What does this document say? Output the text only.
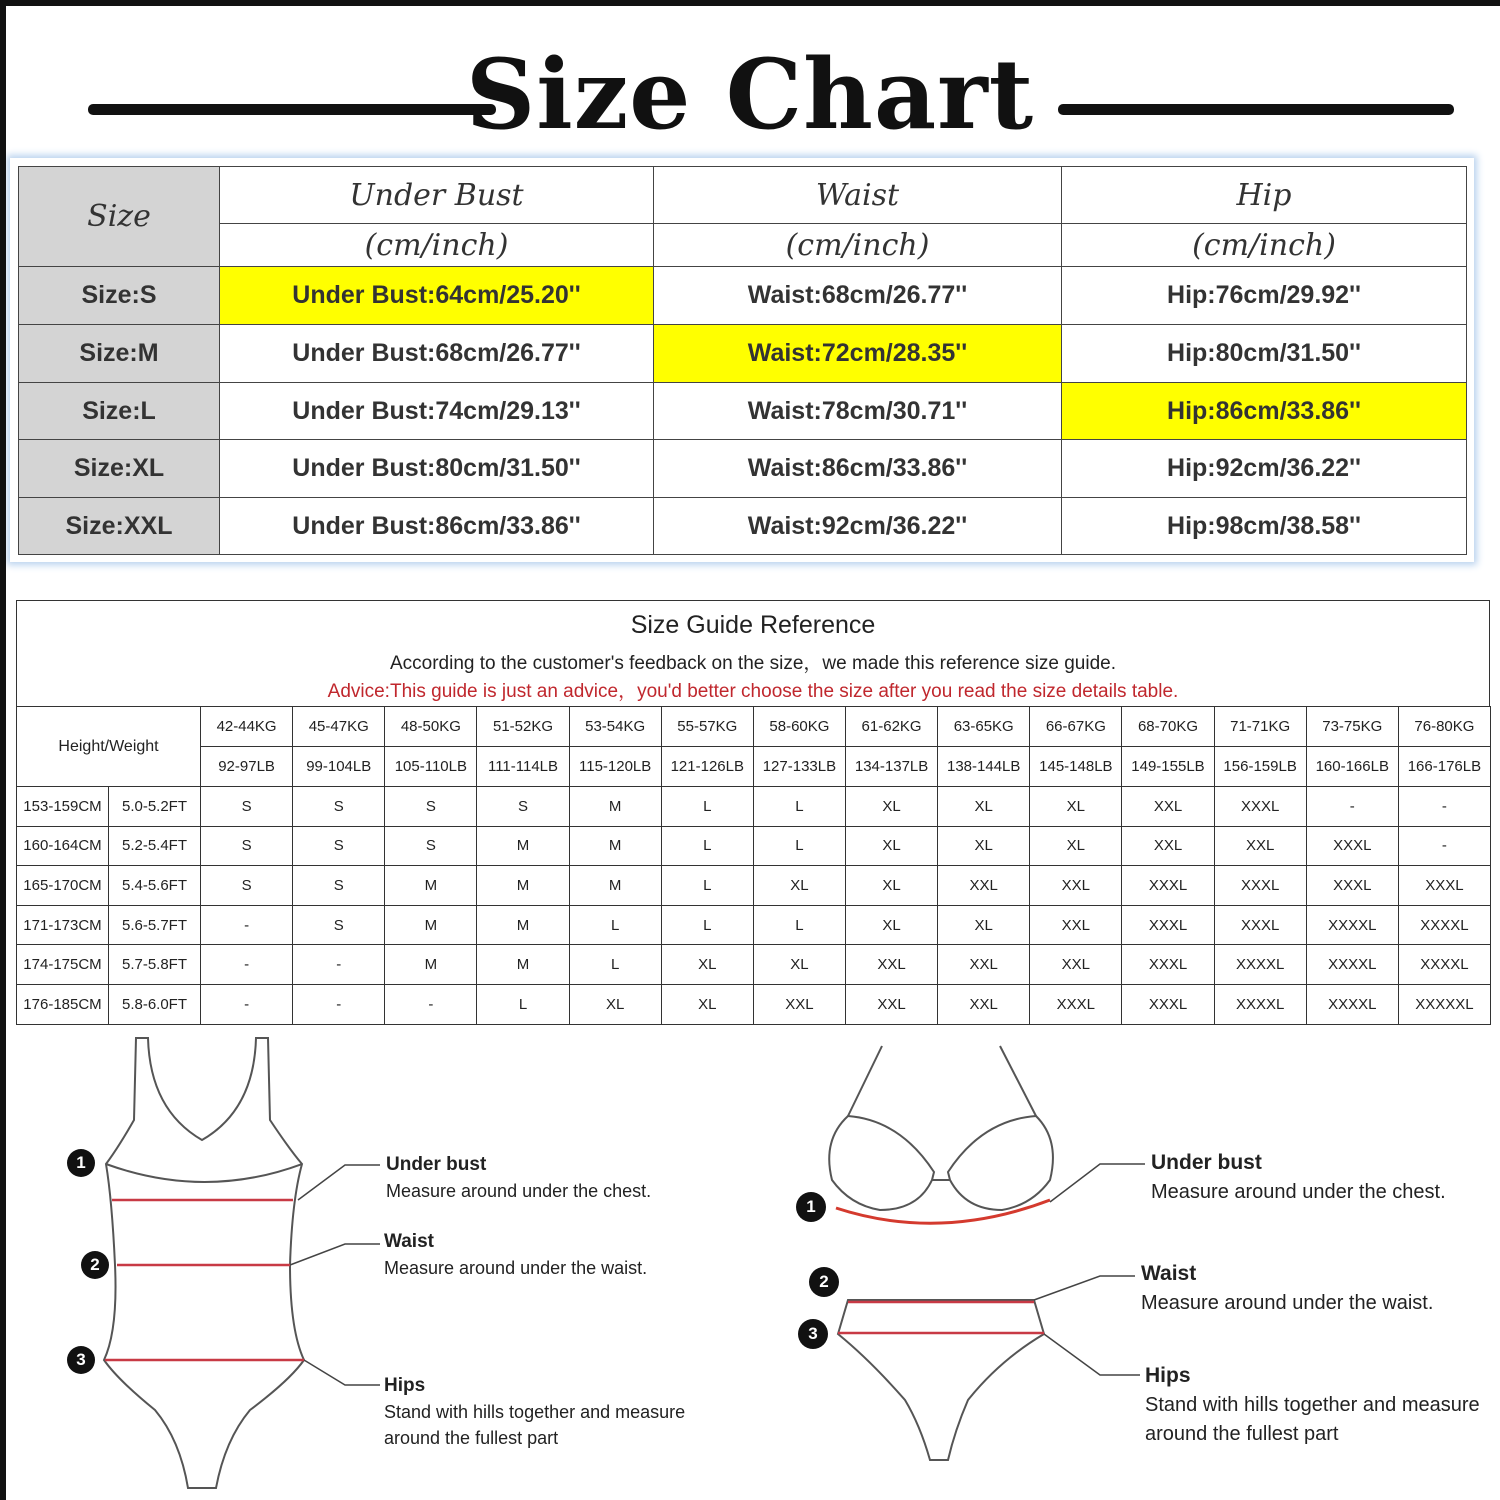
Size Chart
Size	Under Bust	Waist	Hip
	(cm/inch)	(cm/inch)	(cm/inch)
Size:S	Under Bust:64cm/25.20''	Waist:68cm/26.77''	Hip:76cm/29.92''
Size:M	Under Bust:68cm/26.77''	Waist:72cm/28.35''	Hip:80cm/31.50''
Size:L	Under Bust:74cm/29.13''	Waist:78cm/30.71''	Hip:86cm/33.86''
Size:XL	Under Bust:80cm/31.50''	Waist:86cm/33.86''	Hip:92cm/36.22''
Size:XXL	Under Bust:86cm/33.86''	Waist:92cm/36.22''	Hip:98cm/38.58''
Size Guide Reference
According to the customer's feedback on the size，we made this reference size guide.
Advice:This guide is just an advice，you'd better choose the size after you read the size details table.
Height/Weight		42-44KG	45-47KG	48-50KG	51-52KG	53-54KG	55-57KG	58-60KG	61-62KG	63-65KG	66-67KG	68-70KG	71-71KG	73-75KG	76-80KG
		92-97LB	99-104LB	105-110LB	111-114LB	115-120LB	121-126LB	127-133LB	134-137LB	138-144LB	145-148LB	149-155LB	156-159LB	160-166LB	166-176LB
153-159CM	5.0-5.2FT	S	S	S	S	M	L	L	XL	XL	XL	XXL	XXXL	-	-
160-164CM	5.2-5.4FT	S	S	S	M	M	L	L	XL	XL	XL	XXL	XXL	XXXL	-
165-170CM	5.4-5.6FT	S	S	M	M	M	L	XL	XL	XXL	XXL	XXXL	XXXL	XXXL	XXXL
171-173CM	5.6-5.7FT	-	S	M	M	L	L	L	XL	XL	XXL	XXXL	XXXL	XXXXL	XXXXL
174-175CM	5.7-5.8FT	-	-	M	M	L	XL	XL	XXL	XXL	XXL	XXXL	XXXXL	XXXXL	XXXXL
176-185CM	5.8-6.0FT	-	-	-	L	XL	XL	XXL	XXL	XXL	XXXL	XXXL	XXXXL	XXXXL	XXXXXL
1
2
3
1
2
3
Under bust
Measure around under the chest.
Waist
Measure around under the waist.
Hips
Stand with hills together and measure
around the fullest part
Under bust
Measure around under the chest.
Waist
Measure around under the waist.
Hips
Stand with hills together and measure
around the fullest part
